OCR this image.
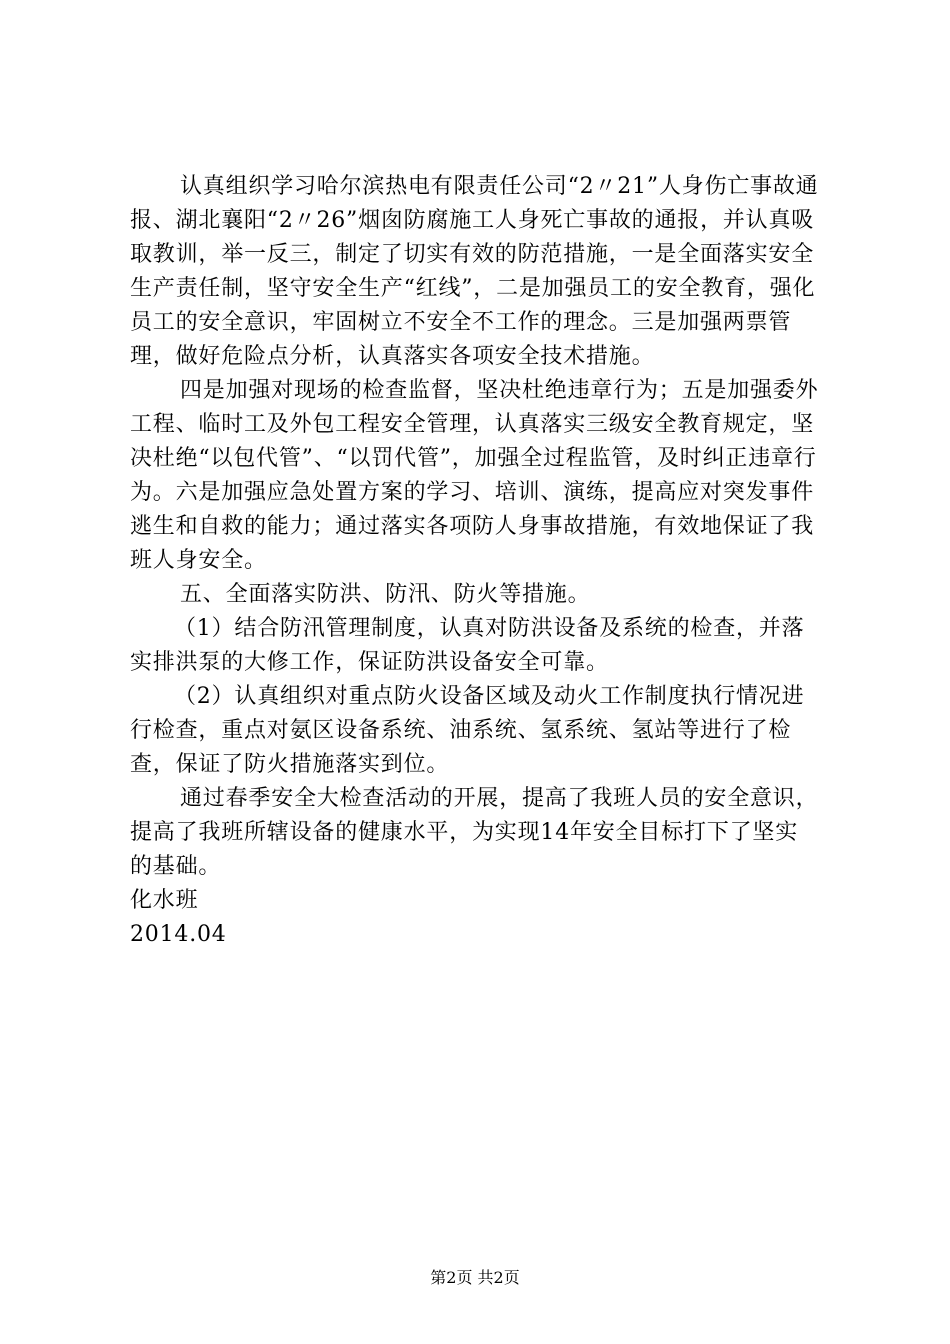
认真组织学习哈尔滨热电有限责任公司“2〃21”人身伤亡事故通报、湖北襄阳“2〃26”烟囱防腐施工人身死亡事故的通报，并认真吸取教训，举一反三，制定了切实有效的防范措施，一是全面落实安全生产责任制，坚守安全生产“红线”，二是加强员工的安全教育，强化员工的安全意识，牢固树立不安全不工作的理念。三是加强两票管理，做好危险点分析，认真落实各项安全技术措施。

四是加强对现场的检查监督，坚决杜绝违章行为；五是加强委外工程、临时工及外包工程安全管理，认真落实三级安全教育规定，坚决杜绝“以包代管”、“以罚代管”，加强全过程监管，及时纠正违章行为。六是加强应急处置方案的学习、培训、演练，提高应对突发事件逃生和自救的能力；通过落实各项防人身事故措施，有效地保证了我班人身安全。

五、全面落实防洪、防汛、防火等措施。

（1）结合防汛管理制度，认真对防洪设备及系统的检查，并落实排洪泵的大修工作，保证防洪设备安全可靠。

（2）认真组织对重点防火设备区域及动火工作制度执行情况进行检查，重点对氨区设备系统、油系统、氢系统、氢站等进行了检查，保证了防火措施落实到位。

通过春季安全大检查活动的开展，提高了我班人员的安全意识，提高了我班所辖设备的健康水平，为实现14年安全目标打下了坚实的基础。

化水班

2014.04

第2页 共2页
